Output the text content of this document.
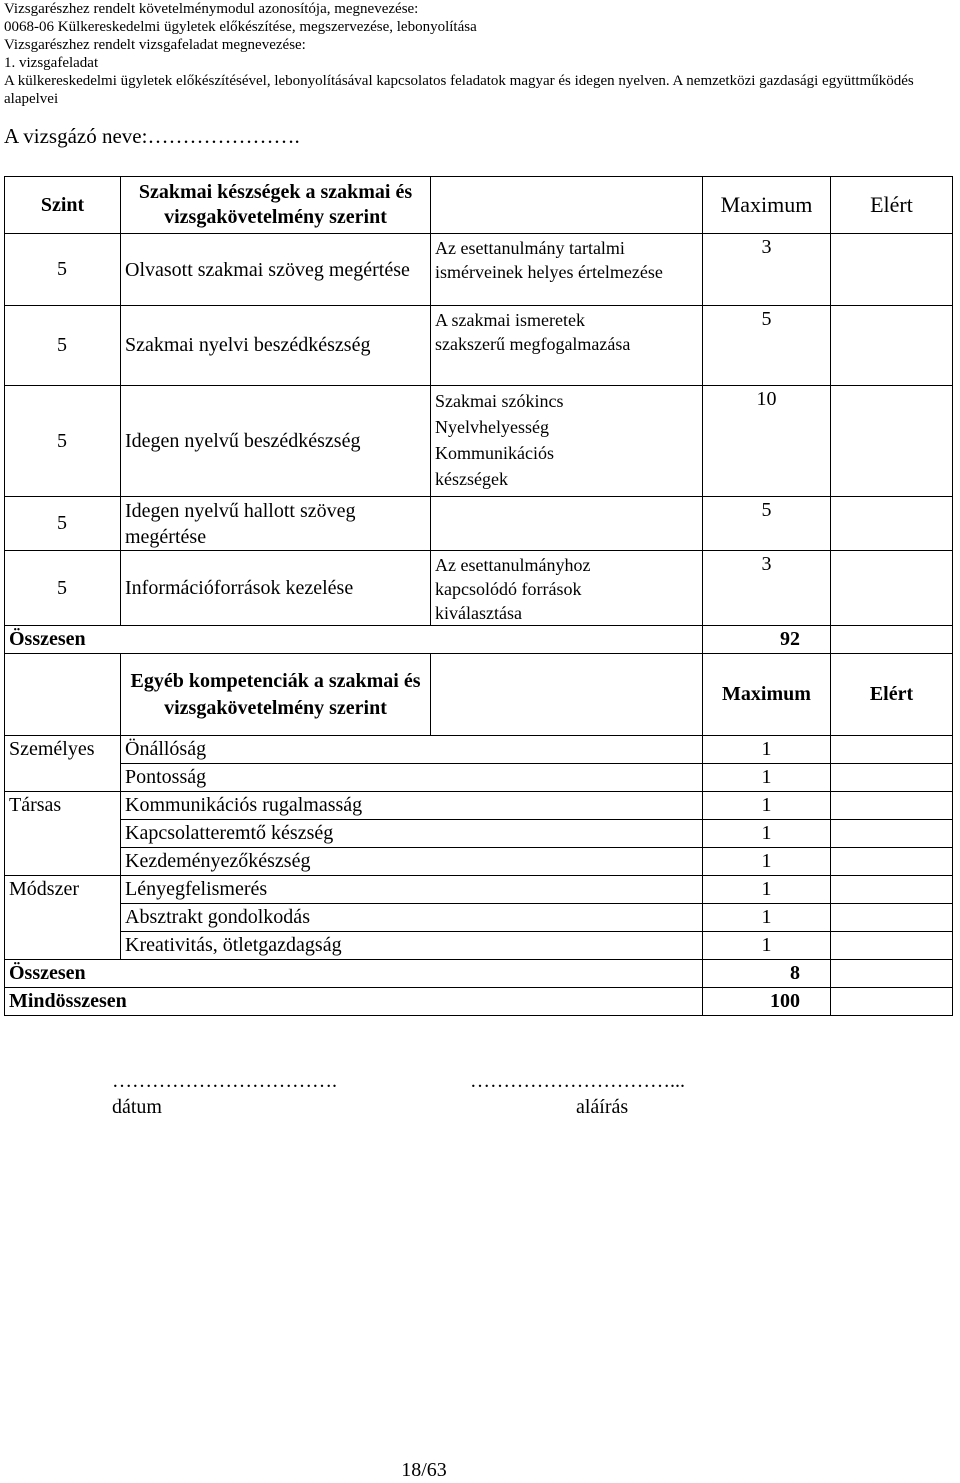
Vizsgarészhez rendelt követelménymodul azonosítója, megnevezése:
0068-06 Külkereskedelmi ügyletek előkészítése, megszervezése, lebonyolítása
Vizsgarészhez rendelt vizsgafeladat megnevezése:
1. vizsgafeladat
A külkereskedelmi ügyletek előkészítésével, lebonyolításával kapcsolatos feladatok magyar és idegen nyelven. A nemzetközi gazdasági együttműködés alapelvei
A vizsgázó neve:………………….
Szint	Szakmai készségek a szakmai és vizsgakövetelmény szerint		Maximum	Elért
5	Olvasott szakmai szöveg megértése	Az esettanulmány tartalmi ismérveinek helyes értelmezése	3	
5	Szakmai nyelvi beszédkészség	A szakmai ismeretek szakszerű megfogalmazása	5	
5	Idegen nyelvű beszédkészség	Szakmai szókincs Nyelvhelyesség Kommunikációs készségek	10	
5	Idegen nyelvű hallott szöveg megértése		5	
5	Információforrások kezelése	Az esettanulmányhoz kapcsolódó források kiválasztása	3	
Összesen			92	
	Egyéb kompetenciák a szakmai és vizsgakövetelmény szerint		Maximum	Elért
Személyes	Önállóság		1	
	Pontosság		1	
Társas	Kommunikációs rugalmasság		1	
	Kapcsolatteremtő készség		1	
	Kezdeményezőkészség		1	
Módszer	Lényegfelismerés		1	
	Absztrakt gondolkodás		1	
	Kreativitás, ötletgazdagság		1	
Összesen			8	
Mindösszesen			100	
…………………………….
dátum
…………………………...
aláírás
18/63
